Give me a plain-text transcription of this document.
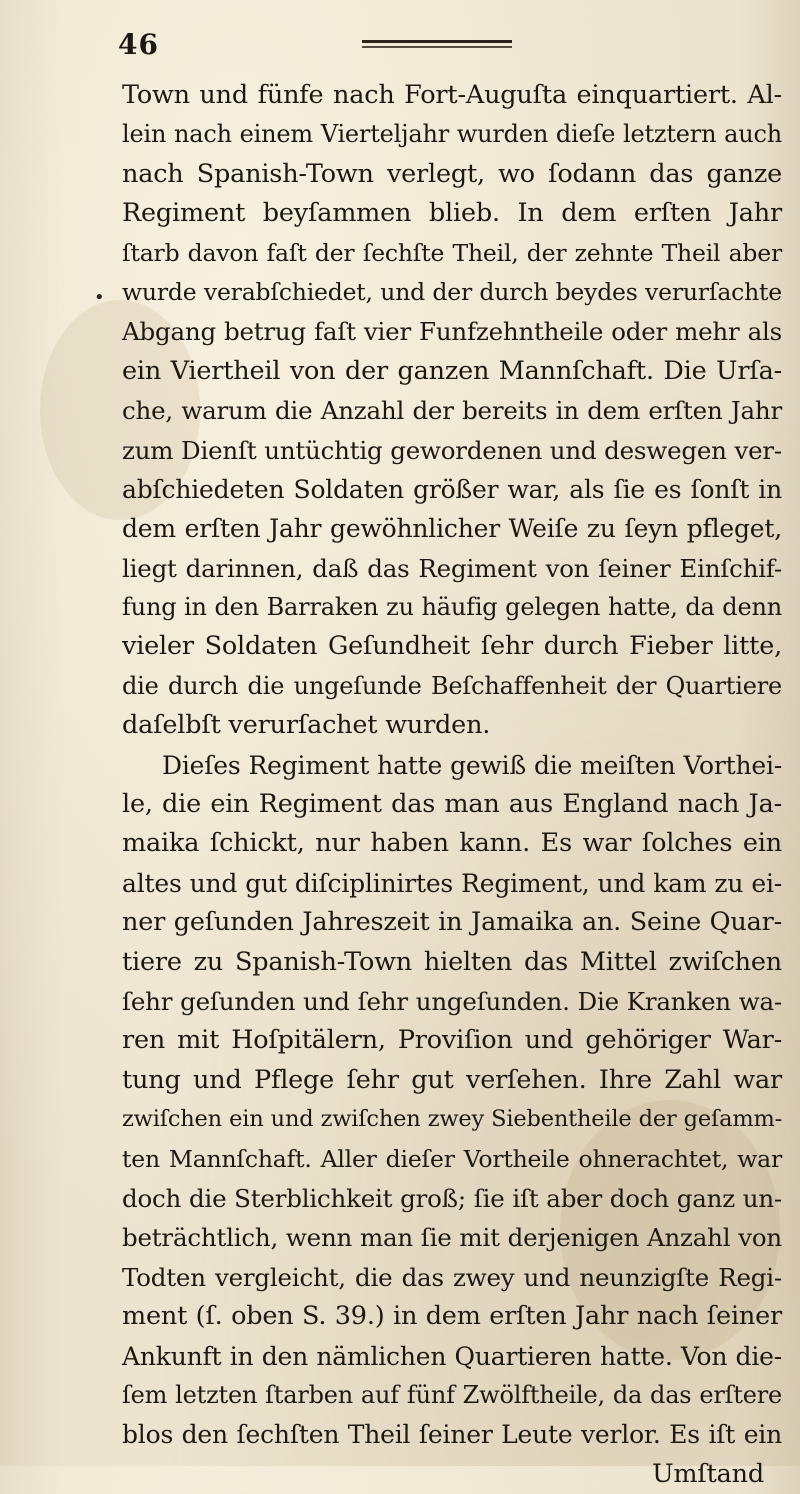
46
•
Town und fünfe nach Fort-Auguſta einquartiert. Al-
lein nach einem Vierteljahr wurden dieſe letztern auch
nach Spanish-Town verlegt, wo ſodann das ganze
Regiment beyſammen blieb. In dem erſten Jahr
ſtarb davon faſt der ſechſte Theil, der zehnte Theil aber
wurde verabſchiedet, und der durch beydes verurſachte
Abgang betrug faſt vier Funfzehntheile oder mehr als
ein Viertheil von der ganzen Mannſchaft. Die Urſa-
che, warum die Anzahl der bereits in dem erſten Jahr
zum Dienſt untüchtig gewordenen und deswegen ver-
abſchiedeten Soldaten größer war, als ſie es ſonſt in
dem erſten Jahr gewöhnlicher Weiſe zu ſeyn pfleget,
liegt darinnen, daß das Regiment von ſeiner Einſchif-
fung in den Barraken zu häufig gelegen hatte, da denn
vieler Soldaten Geſundheit ſehr durch Fieber litte,
die durch die ungeſunde Beſchaffenheit der Quartiere
daſelbſt verurſachet wurden.
Dieſes Regiment hatte gewiß die meiſten Vorthei-
le, die ein Regiment das man aus England nach Ja-
maika ſchickt, nur haben kann. Es war ſolches ein
altes und gut diſciplinirtes Regiment, und kam zu ei-
ner geſunden Jahreszeit in Jamaika an. Seine Quar-
tiere zu Spanish-Town hielten das Mittel zwiſchen
ſehr geſunden und ſehr ungeſunden. Die Kranken wa-
ren mit Hoſpitälern, Proviſion und gehöriger War-
tung und Pflege ſehr gut verſehen. Ihre Zahl war
zwiſchen ein und zwiſchen zwey Siebentheile der geſamm-
ten Mannſchaft. Aller dieſer Vortheile ohnerachtet, war
doch die Sterblichkeit groß; ſie iſt aber doch ganz un-
beträchtlich, wenn man ſie mit derjenigen Anzahl von
Todten vergleicht, die das zwey und neunzigſte Regi-
ment (ſ. oben S. 39.) in dem erſten Jahr nach ſeiner
Ankunft in den nämlichen Quartieren hatte. Von die-
ſem letzten ſtarben auf fünf Zwölftheile, da das erſtere
blos den ſechſten Theil ſeiner Leute verlor. Es iſt ein
Umſtand
